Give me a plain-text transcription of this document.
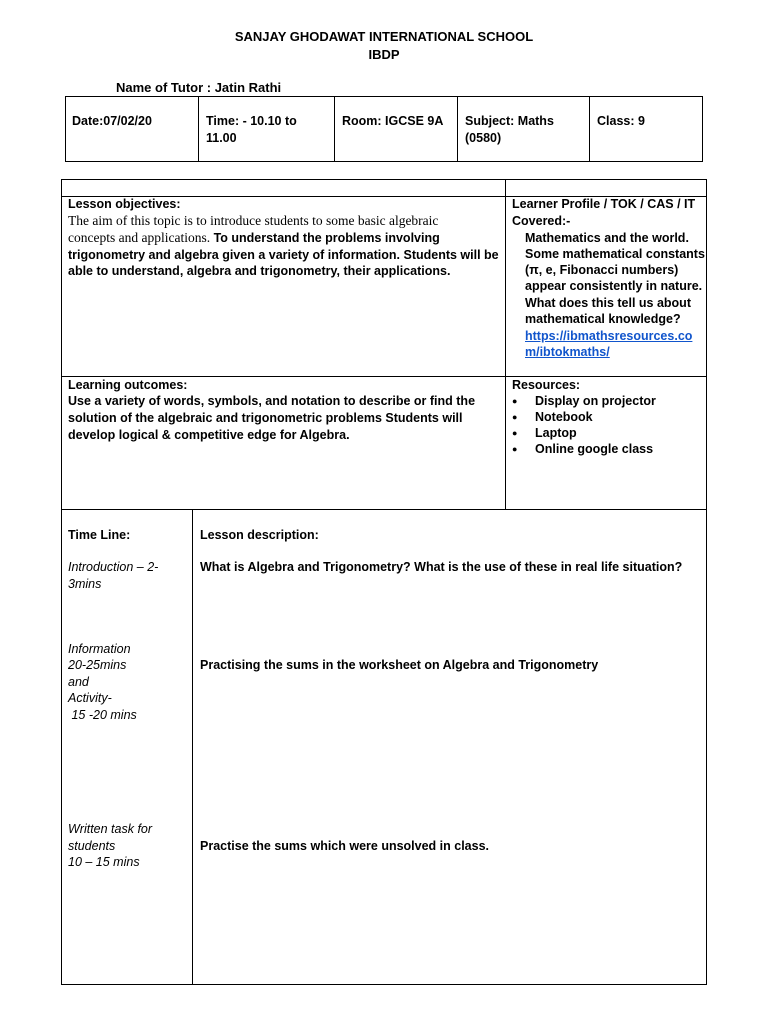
SANJAY GHODAWAT INTERNATIONAL SCHOOL
IBDP
Name of Tutor : Jatin Rathi
Date:07/02/20	Time: - 10.10 to
11.00
Room: IGCSE 9A Subject: Maths
(0580)
Class: 9
Lesson objectives:
The aim of this topic is to introduce students to some basic algebraic
concepts and applications. To understand the problems involving
trigonometry and algebra given a variety of information. Students will be
able to understand, algebra and trigonometry, their applications.
Learner Profile / TOK / CAS / IT
Covered:-
Mathematics and the world.
Some mathematical constants
(π, e, Fibonacci numbers)
appear consistently in nature.
What does this tell us about
mathematical knowledge?
https://ibmathsresources.co
m/ibtokmaths/
Learning outcomes:
Use a variety of words, symbols, and notation to describe or find the
solution of the algebraic and trigonometric problems Students will
develop logical & competitive edge for Algebra.
Resources:
● Display on projector
● Notebook
● Laptop
● Online google class
Time Line:
Introduction – 2-
3mins
Information
20-25mins
and
Activity-
15 -20 mins
Written task for
students
10 – 15 mins
Lesson description:
What is Algebra and Trigonometry? What is the use of these in real life situation?
Practising the sums in the worksheet on Algebra and Trigonometry
Practise the sums which were unsolved in class.
